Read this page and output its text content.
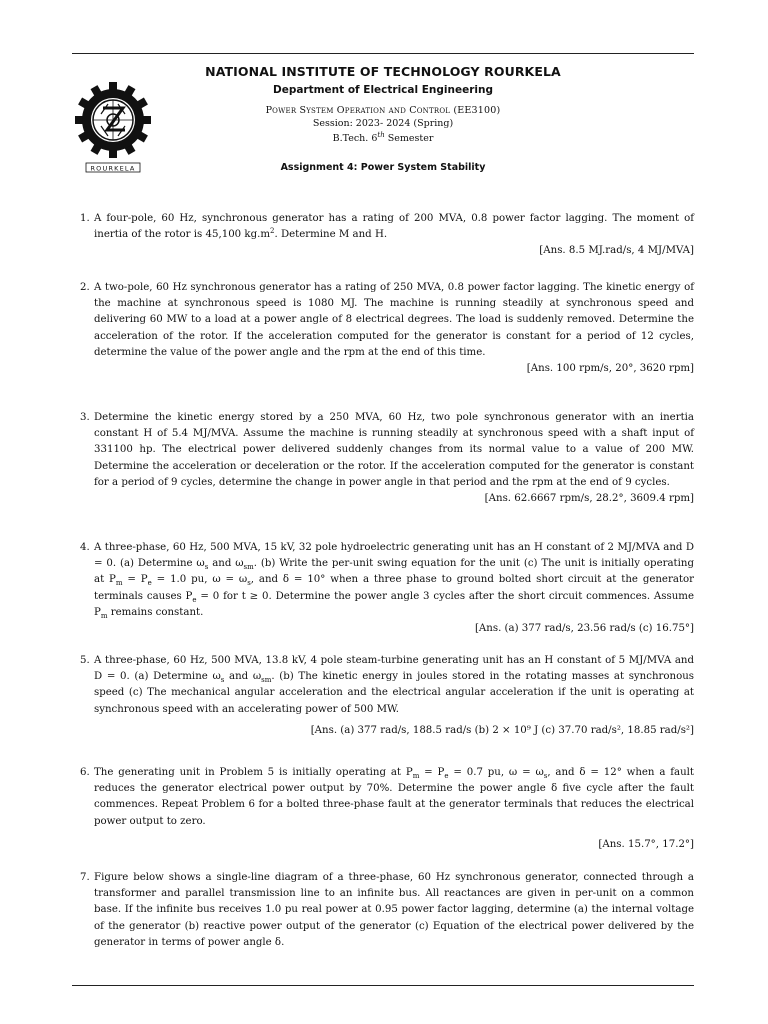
ROURKELA
NATIONAL INSTITUTE OF TECHNOLOGY ROURKELA
Department of Electrical Engineering
Power System Operation and Control (EE3100)
Session: 2023- 2024 (Spring)
B.Tech. 6th Semester
Assignment 4: Power System Stability
1. A four-pole, 60 Hz, synchronous generator has a rating of 200 MVA, 0.8 power factor lagging. The moment of inertia of the rotor is 45,100 $kg.m^2$. Determine M and H.
[Ans. 8.5 MJ.rad/s, 4 MJ/MVA]
2. A two-pole, 60 Hz synchronous generator has a rating of 250 MVA, 0.8 power factor lagging. The kinetic energy of the machine at synchronous speed is 1080 MJ. The machine is running steadily at synchronous speed and delivering 60 MW to a load at a power angle of 8 electrical degrees. The load is suddenly removed. Determine the acceleration of the rotor. If the acceleration computed for the generator is constant for a period of 12 cycles, determine the value of the power angle and the rpm at the end of this time.
[Ans. 100 rpm/s, 20°, 3620 rpm]
3. Determine the kinetic energy stored by a 250 MVA, 60 Hz, two pole synchronous generator with an inertia constant H of 5.4 MJ/MVA. Assume the machine is running steadily at synchronous speed with a shaft input of 331100 hp. The electrical power delivered suddenly changes from its normal value to a value of 200 MW. Determine the acceleration or deceleration or the rotor. If the acceleration computed for the generator is constant for a period of 9 cycles, determine the change in power angle in that period and the rpm at the end of 9 cycles.
[Ans. 62.6667 rpm/s, 28.2°, 3609.4 rpm]
4. A three-phase, 60 Hz, 500 MVA, 15 kV, 32 pole hydroelectric generating unit has an H constant of 2 MJ/MVA and D = 0. (a) Determine $\omega_s$ and $\omega_{sm}$. (b) Write the per-unit swing equation for the unit (c) The unit is initially operating at $P_m = P_e = 1.0$ pu, $\omega = \omega_s$, and δ = 10° when a three phase to ground bolted short circuit at the generator terminals causes $P_e = 0$ for t ≥ 0. Determine the power angle 3 cycles after the short circuit commences. Assume $P_m$ remains constant.
[Ans. (a) 377 rad/s, 23.56 rad/s (c) 16.75°]
5. A three-phase, 60 Hz, 500 MVA, 13.8 kV, 4 pole steam-turbine generating unit has an H constant of 5 MJ/MVA and D = 0. (a) Determine $\omega_s$ and $\omega_{sm}$. (b) The kinetic energy in joules stored in the rotating masses at synchronous speed (c) The mechanical angular acceleration and the electrical angular acceleration if the unit is operating at synchronous speed with an accelerating power of 500 MW.
[Ans. (a) 377 rad/s, 188.5 rad/s (b) 2 × 10⁹ J (c) 37.70 rad/s², 18.85 rad/s²]
6. The generating unit in Problem 5 is initially operating at $P_m = P_e = 0.7$ pu, $\omega = \omega_s$, and δ = 12° when a fault reduces the generator electrical power output by 70%. Determine the power angle δ five cycle after the fault commences. Repeat Problem 6 for a bolted three-phase fault at the generator terminals that reduces the electrical power output to zero.
[Ans. 15.7°, 17.2°]
7. Figure below shows a single-line diagram of a three-phase, 60 Hz synchronous generator, connected through a transformer and parallel transmission line to an infinite bus. All reactances are given in per-unit on a common base. If the infinite bus receives 1.0 pu real power at 0.95 power factor lagging, determine (a) the internal voltage of the generator (b) reactive power output of the generator (c) Equation of the electrical power delivered by the generator in terms of power angle δ.
